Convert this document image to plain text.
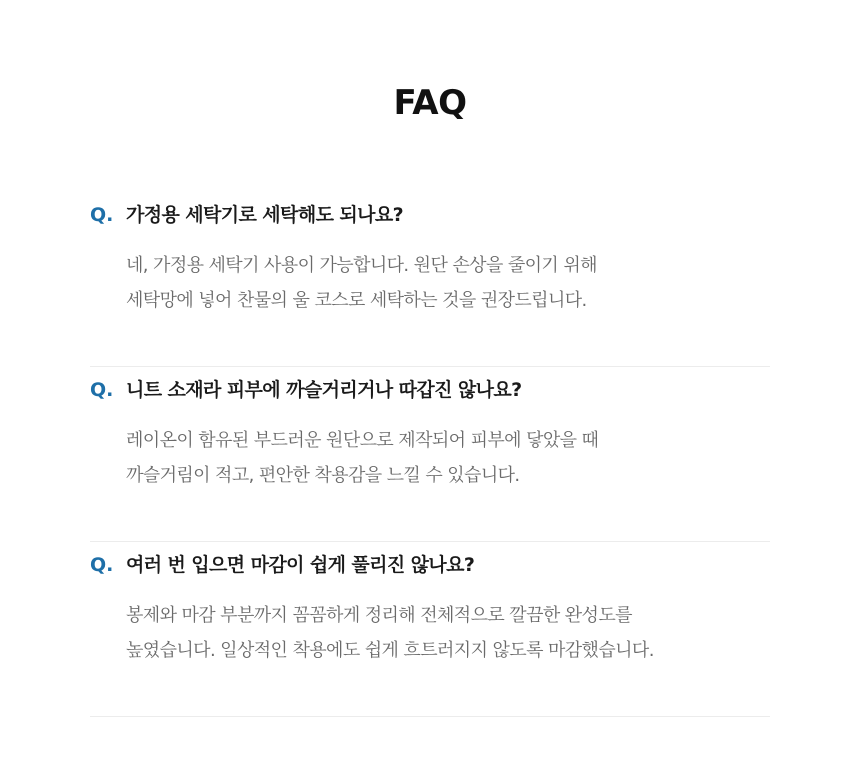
FAQ
Q. 가정용 세탁기로 세탁해도 되나요?
네, 가정용 세탁기 사용이 가능합니다. 원단 손상을 줄이기 위해
세탁망에 넣어 찬물의 울 코스로 세탁하는 것을 권장드립니다.
Q. 니트 소재라 피부에 까슬거리거나 따갑진 않나요?
레이온이 함유된 부드러운 원단으로 제작되어 피부에 닿았을 때
까슬거림이 적고, 편안한 착용감을 느낄 수 있습니다.
Q. 여러 번 입으면 마감이 쉽게 풀리진 않나요?
봉제와 마감 부분까지 꼼꼼하게 정리해 전체적으로 깔끔한 완성도를
높였습니다. 일상적인 착용에도 쉽게 흐트러지지 않도록 마감했습니다.
